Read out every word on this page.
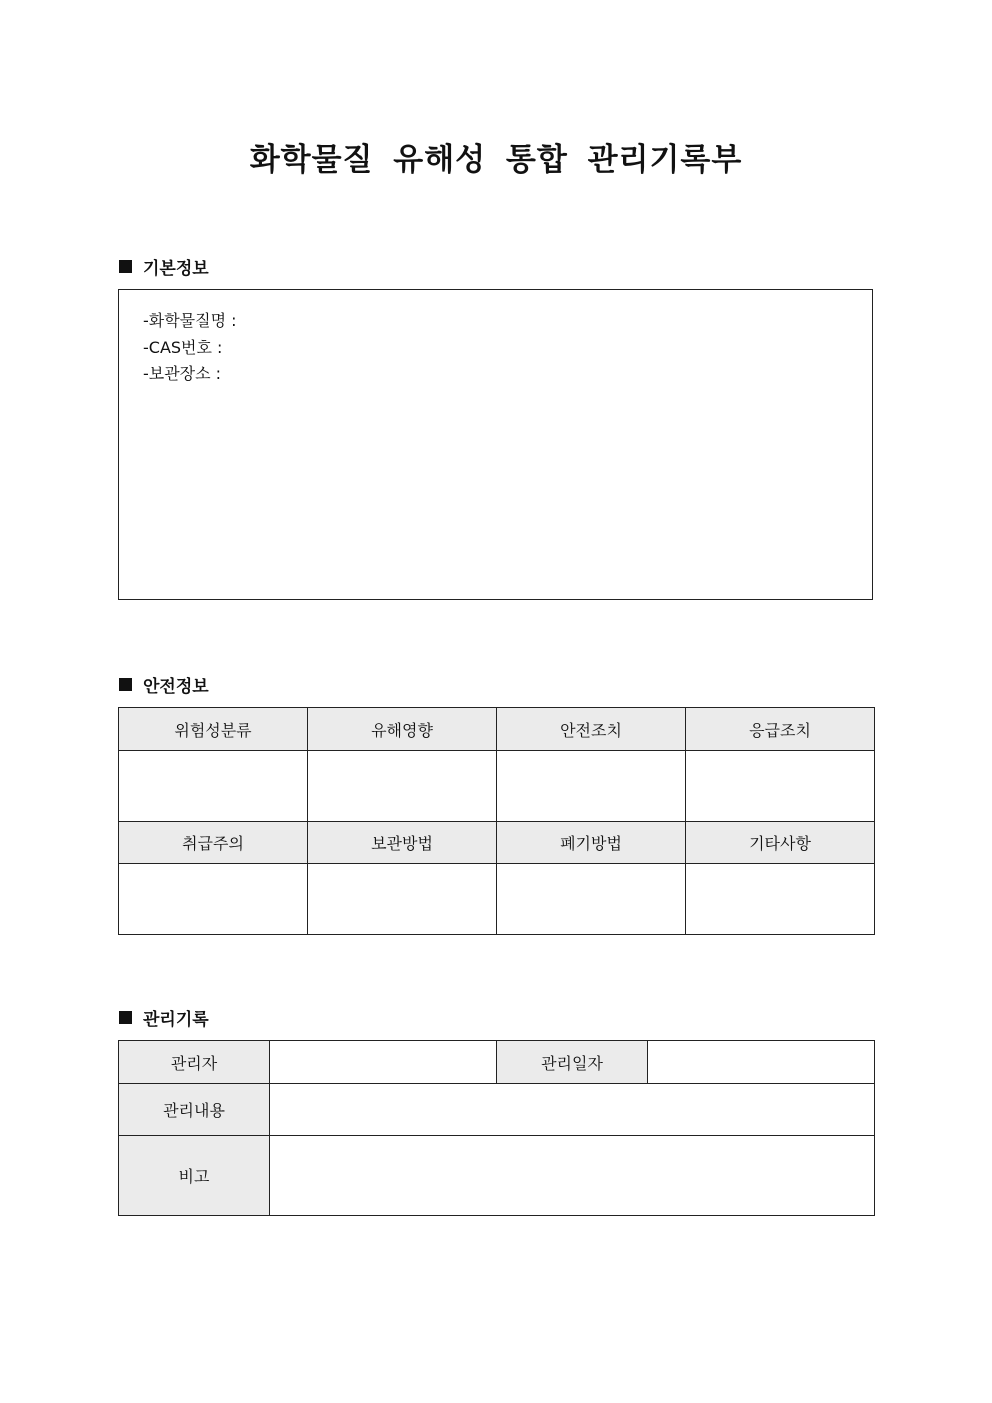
화학물질 유해성 통합 관리기록부
기본정보
-화학물질명 :
-CAS번호 :
-보관장소 :
안전정보
위험성분류	유해영향	안전조치	응급조치

취급주의	보관방법	폐기방법	기타사항

관리기록
관리자		관리일자	
관리내용			
비고			
